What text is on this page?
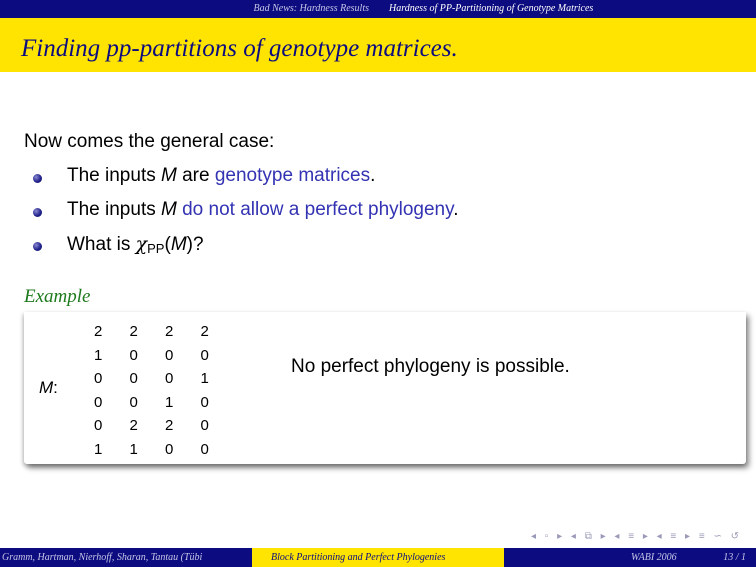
Bad News: Hardness Results	Hardness of PP-Partitioning of Genotype Matrices
Finding pp-partitions of genotype matrices.
Now comes the general case:
The inputs M are genotype matrices.
The inputs M do not allow a perfect phylogeny.
What is $\chi_{PP}(M)$?
Example
M:
2	2	2	2
1	0	0	0
0	0	0	1
0	0	1	0
0	2	2	0
1	1	0	0
No perfect phylogeny is possible.
◂ ▫ ▸ ◂ ⧉ ▸ ◂ ≡ ▸ ◂ ≡ ▸ ≡ ∽ ↺
Gramm, Hartman, Nierhoff, Sharan, Tantau (Tübi	Block Partitioning and Perfect Phylogenies	WABI 2006	13 / 1
